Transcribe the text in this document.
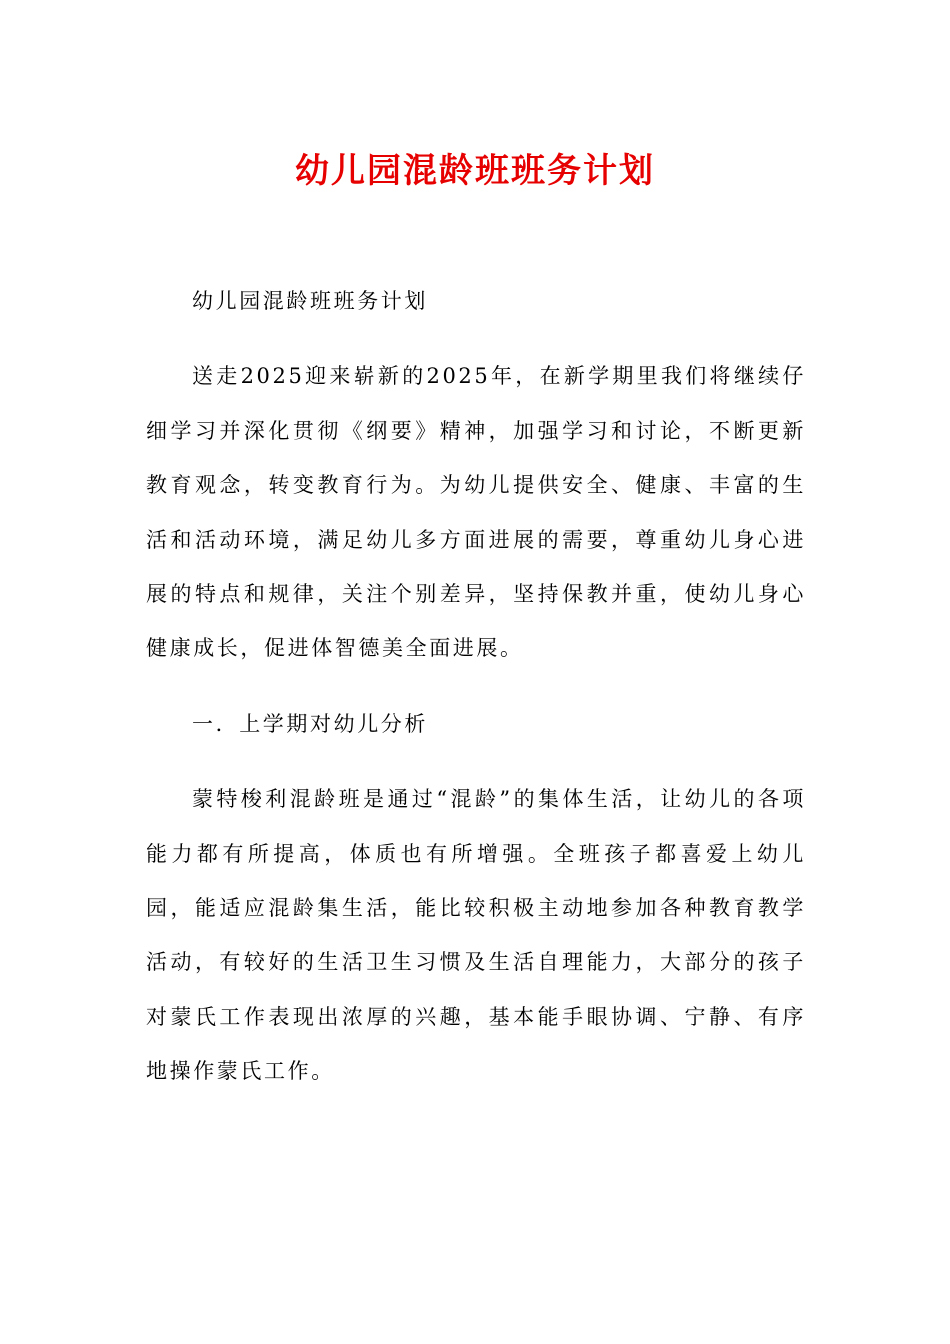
幼儿园混龄班班务计划

幼儿园混龄班班务计划

送走2025迎来崭新的2025年，在新学期里我们将继续仔细学习并深化贯彻《纲要》精神，加强学习和讨论，不断更新教育观念，转变教育行为。为幼儿提供安全、健康、丰富的生活和活动环境，满足幼儿多方面进展的需要，尊重幼儿身心进展的特点和规律，关注个别差异，坚持保教并重，使幼儿身心健康成长，促进体智德美全面进展。

一．上学期对幼儿分析

蒙特梭利混龄班是通过“混龄”的集体生活，让幼儿的各项能力都有所提高，体质也有所增强。全班孩子都喜爱上幼儿园，能适应混龄集生活，能比较积极主动地参加各种教育教学活动，有较好的生活卫生习惯及生活自理能力，大部分的孩子对蒙氏工作表现出浓厚的兴趣，基本能手眼协调、宁静、有序地操作蒙氏工作。
